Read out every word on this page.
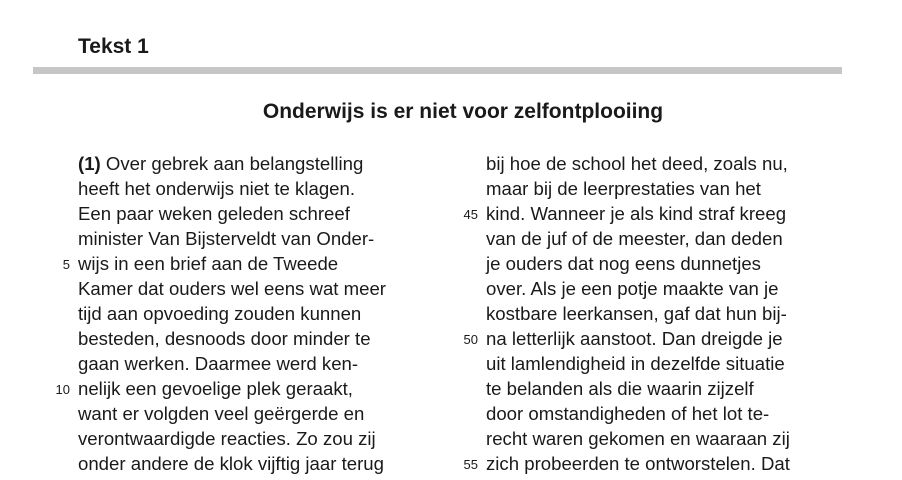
Tekst 1
Onderwijs is er niet voor zelfontplooiing
(1) Over gebrek aan belangstelling
heeft het onderwijs niet te klagen.
Een paar weken geleden schreef
minister Van Bijsterveldt van Onder-
5 wijs in een brief aan de Tweede
Kamer dat ouders wel eens wat meer
tijd aan opvoeding zouden kunnen
besteden, desnoods door minder te
gaan werken. Daarmee werd ken-
10 nelijk een gevoelige plek geraakt,
want er volgden veel geërgerde en
verontwaardigde reacties. Zo zou zij
onder andere de klok vijftig jaar terug
bij hoe de school het deed, zoals nu,
maar bij de leerprestaties van het
45 kind. Wanneer je als kind straf kreeg
van de juf of de meester, dan deden
je ouders dat nog eens dunnetjes
over. Als je een potje maakte van je
kostbare leerkansen, gaf dat hun bij-
50 na letterlijk aanstoot. Dan dreigde je
uit lamlendigheid in dezelfde situatie
te belanden als die waarin zijzelf
door omstandigheden of het lot te-
recht waren gekomen en waaraan zij
55 zich probeerden te ontworstelen. Dat
